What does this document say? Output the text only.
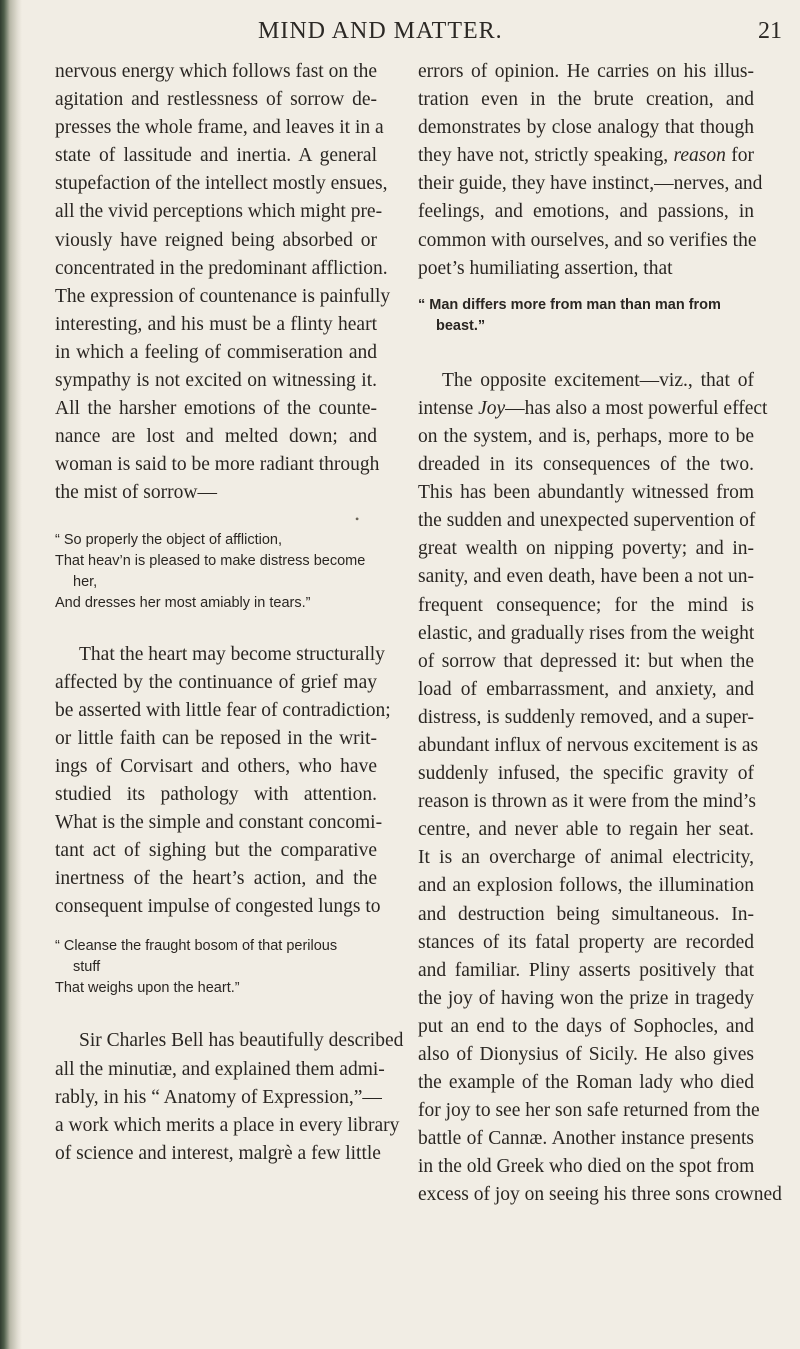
MIND AND MATTER.	21

nervous energy which follows fast on the
agitation and restlessness of sorrow de-
presses the whole frame, and leaves it in a
state of lassitude and inertia. A general
stupefaction of the intellect mostly ensues,
all the vivid perceptions which might pre-
viously have reigned being absorbed or
concentrated in the predominant affliction.
The expression of countenance is painfully
interesting, and his must be a flinty heart
in which a feeling of commiseration and
sympathy is not excited on witnessing it.
All the harsher emotions of the counte-
nance are lost and melted down; and
woman is said to be more radiant through
the mist of sorrow—

•
“ So properly the object of affliction,
That heav’n is pleased to make distress become
her,
And dresses her most amiably in tears.”

That the heart may become structurally
affected by the continuance of grief may
be asserted with little fear of contradiction;
or little faith can be reposed in the writ-
ings of Corvisart and others, who have
studied its pathology with attention.
What is the simple and constant concomi-
tant act of sighing but the comparative
inertness of the heart’s action, and the
consequent impulse of congested lungs to

“ Cleanse the fraught bosom of that perilous
stuff
That weighs upon the heart.”

Sir Charles Bell has beautifully described
all the minutiæ, and explained them admi-
rably, in his “ Anatomy of Expression,”—
a work which merits a place in every library
of science and interest, malgrè a few little

errors of opinion. He carries on his illus-
tration even in the brute creation, and
demonstrates by close analogy that though
they have not, strictly speaking, reason for
their guide, they have instinct,—nerves, and
feelings, and emotions, and passions, in
common with ourselves, and so verifies the
poet’s humiliating assertion, that

“ Man differs more from man than man from
beast.”

The opposite excitement—viz., that of
intense Joy—has also a most powerful effect
on the system, and is, perhaps, more to be
dreaded in its consequences of the two.
This has been abundantly witnessed from
the sudden and unexpected supervention of
great wealth on nipping poverty; and in-
sanity, and even death, have been a not un-
frequent consequence; for the mind is
elastic, and gradually rises from the weight
of sorrow that depressed it: but when the
load of embarrassment, and anxiety, and
distress, is suddenly removed, and a super-
abundant influx of nervous excitement is as
suddenly infused, the specific gravity of
reason is thrown as it were from the mind’s
centre, and never able to regain her seat.
It is an overcharge of animal electricity,
and an explosion follows, the illumination
and destruction being simultaneous. In-
stances of its fatal property are recorded
and familiar. Pliny asserts positively that
the joy of having won the prize in tragedy
put an end to the days of Sophocles, and
also of Dionysius of Sicily. He also gives
the example of the Roman lady who died
for joy to see her son safe returned from the
battle of Cannæ. Another instance presents
in the old Greek who died on the spot from
excess of joy on seeing his three sons crowned
